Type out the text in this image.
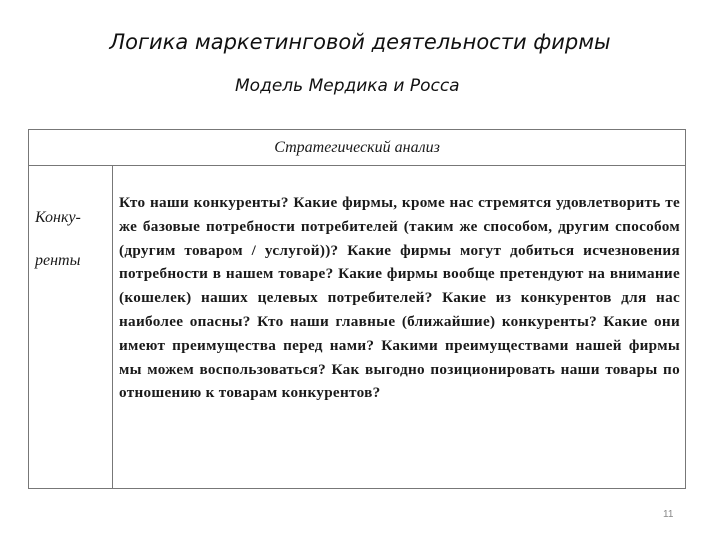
Логика маркетинговой деятельности фирмы
Модель Мердика и Росса
Стратегический анализ

Конку-

ренты

Кто наши конкуренты? Какие фирмы, кроме нас стремятся удовлетворить те же базовые потребности потребителей (таким же способом, другим способом (другим товаром / услугой))? Какие фирмы могут добиться исчезновения потребности в нашем товаре? Какие фирмы вообще претендуют на внимание (кошелек) наших целевых потребителей? Какие из конкурентов для нас наиболее опасны? Кто наши главные (ближайшие) конкуренты? Какие они имеют преимущества перед нами? Какими преимуществами нашей фирмы мы можем воспользоваться? Как выгодно позиционировать наши товары по отношению к товарам конкурентов?

11
